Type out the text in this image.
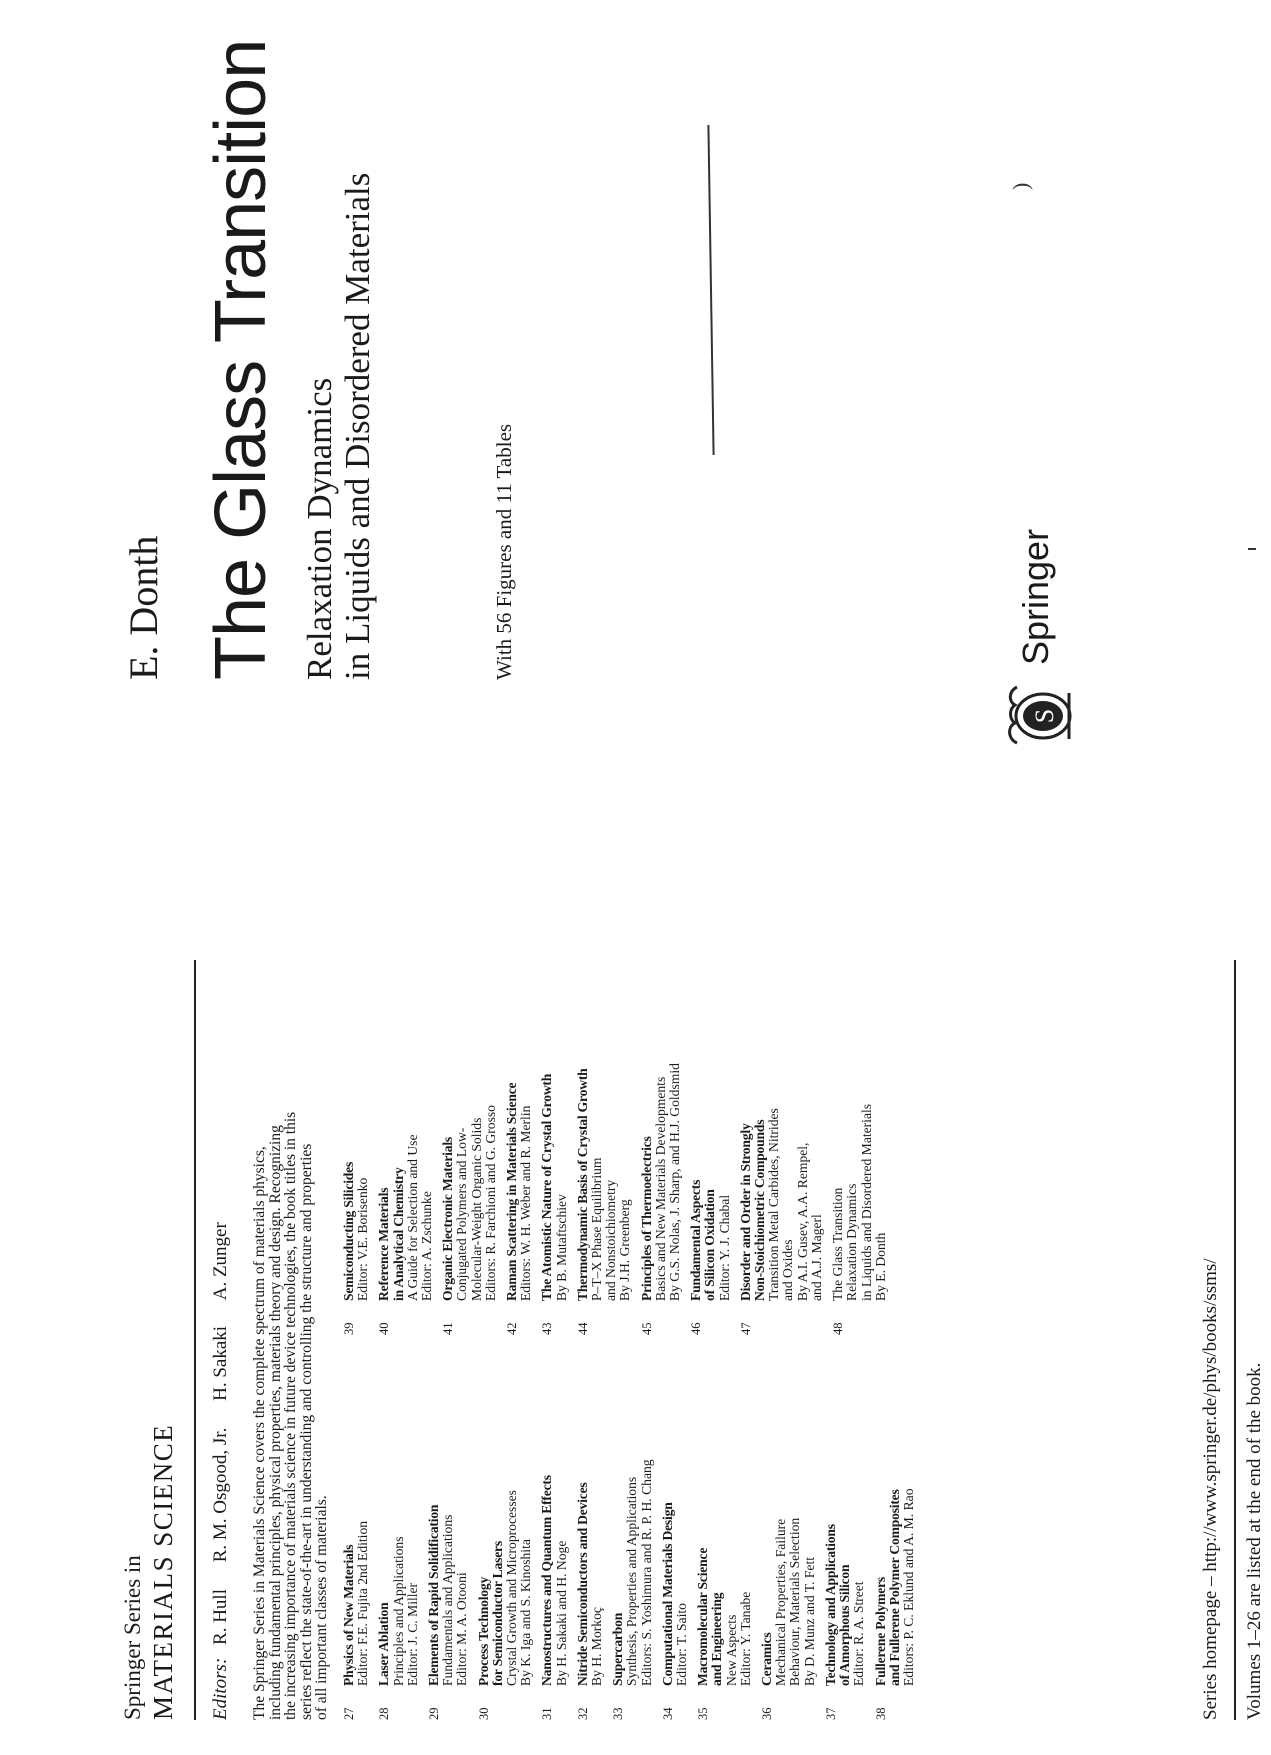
Springer Series in MATERIALS SCIENCE Editors: R. Hull R. M. Osgood, Jr. H. Sakaki A. Zunger The Springer Series in Materials Science covers the complete spectrum of materials physics,
including fundamental principles, physical properties, materials theory and design. Recognizing
the increasing importance of materials science in future device technologies, the book titles in this
series reflect the state-of-the-art in understanding and controlling the structure and properties
of all important classes of materials. 27
Physics of New Materials Editor: F.E. Fujita 2nd Edition
28
Laser Ablation Principles and Applications Editor: J. C. Miller
29
Elements of Rapid Solidification Fundamentals and Applications Editor: M. A. Otooni
30
Process Technology for Semiconductor Lasers Crystal Growth and Microprocesses By K. Iga and S. Kinoshita
31
Nanostructures and Quantum Effects By H. Sakaki and H. Noge
32
Nitride Semiconductors and Devices By H. Morkoç
33
Supercarbon Synthesis, Properties and Applications Editors: S. Yoshimura and R. P. H. Chang
34
Computational Materials Design Editor: T. Saito
35
Macromolecular Science and Engineering New Aspects Editor: Y. Tanabe
36
Ceramics Mechanical Properties, Failure Behaviour, Materials Selection By D. Munz and T. Fett
37
Technology and Applications of Amorphous Silicon Editor: R. A. Street
38
Fullerene Polymers and Fullerene Polymer Composites Editors: P. C. Eklund and A. M. Rao
39
Semiconducting Silicides Editor: V.E. Borisenko
40
Reference Materials in Analytical Chemistry A Guide for Selection and Use Editor: A. Zschunke
41
Organic Electronic Materials Conjugated Polymers and Low- Molecular-Weight Organic Solids Editors: R. Farchioni and G. Grosso
42
Raman Scattering in Materials Science Editors: W. H. Weber and R. Merlin
43
The Atomistic Nature of Crystal Growth By B. Mutaftschiev
44
Thermodynamic Basis of Crystal Growth P–T–X Phase Equilibrium and Nonstoichiometry By J.H. Greenberg
45
Principles of Thermoelectrics Basics and New Materials Developments By G.S. Nolas, J. Sharp, and H.J. Goldsmid
46
Fundamental Aspects of Silicon Oxidation Editor: Y. J. Chabal
47
Disorder and Order in Strongly Non-Stoichiometric Compounds Transition Metal Carbides, Nitrides and Oxides By A.I. Gusev, A.A. Rempel, and A.J. Magerl
48
The Glass Transition Relaxation Dynamics in Liquids and Disordered Materials By E. Donth	Series homepage – http://www.springer.de/phys/books/ssms/ Volumes 1–26 are listed at the end of the book.
E. Donth The Glass Transition Relaxation Dynamics in Liquids and Disordered Materials	With 56 Figures and 11 Tables
S
Springer
)
